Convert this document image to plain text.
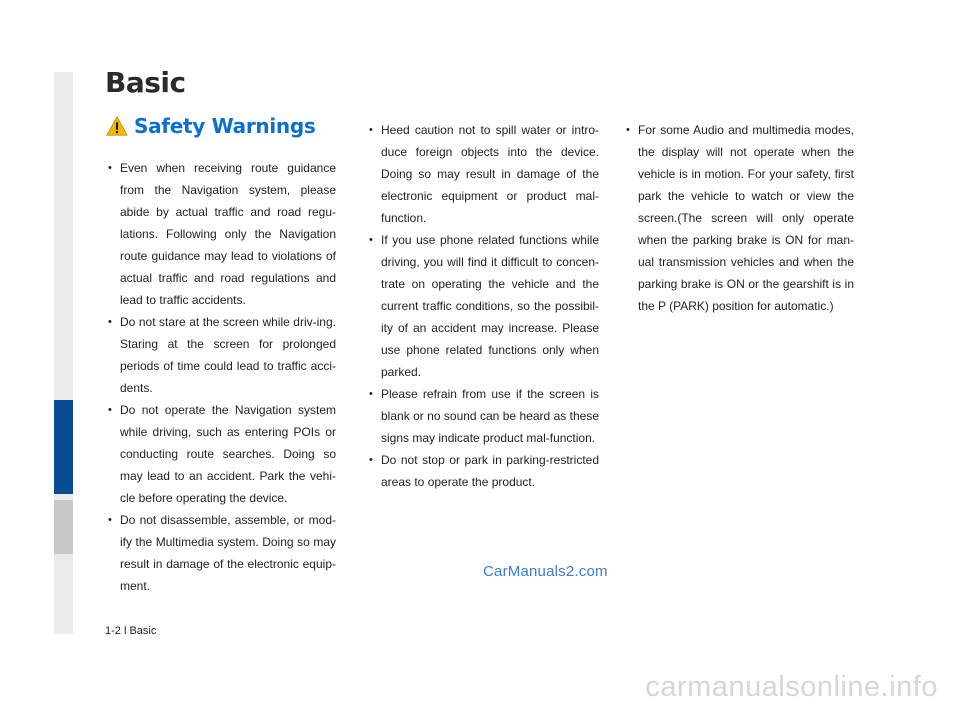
Basic
Safety Warnings
• Even when receiving route guidance from the Navigation system, please abide by actual traffic and road regu-lations. Following only the Navigation route guidance may lead to violations of actual traffic and road regulations and lead to traffic accidents.
• Do not stare at the screen while driv-ing. Staring at the screen for prolonged periods of time could lead to traffic acci-dents.
• Do not operate the Navigation system while driving, such as entering POIs or conducting route searches. Doing so may lead to an accident. Park the vehi-cle before operating the device.
• Do not disassemble, assemble, or mod-ify the Multimedia system. Doing so may result in damage of the electronic equip-ment.
• Heed caution not to spill water or intro-duce foreign objects into the device. Doing so may result in damage of the electronic equipment or product mal-function.
• If you use phone related functions while driving, you will find it difficult to concen-trate on operating the vehicle and the current traffic conditions, so the possibil-ity of an accident may increase. Please use phone related functions only when parked.
• Please refrain from use if the screen is blank or no sound can be heard as these signs may indicate product mal-function.
• Do not stop or park in parking-restricted areas to operate the product.
• For some Audio and multimedia modes, the display will not operate when the vehicle is in motion. For your safety, first park the vehicle to watch or view the screen.(The screen will only operate when the parking brake is ON for man-ual transmission vehicles and when the parking brake is ON or the gearshift is in the P (PARK) position for automatic.)
CarManuals2.com
1-2 l Basic
carmanualsonline.info
